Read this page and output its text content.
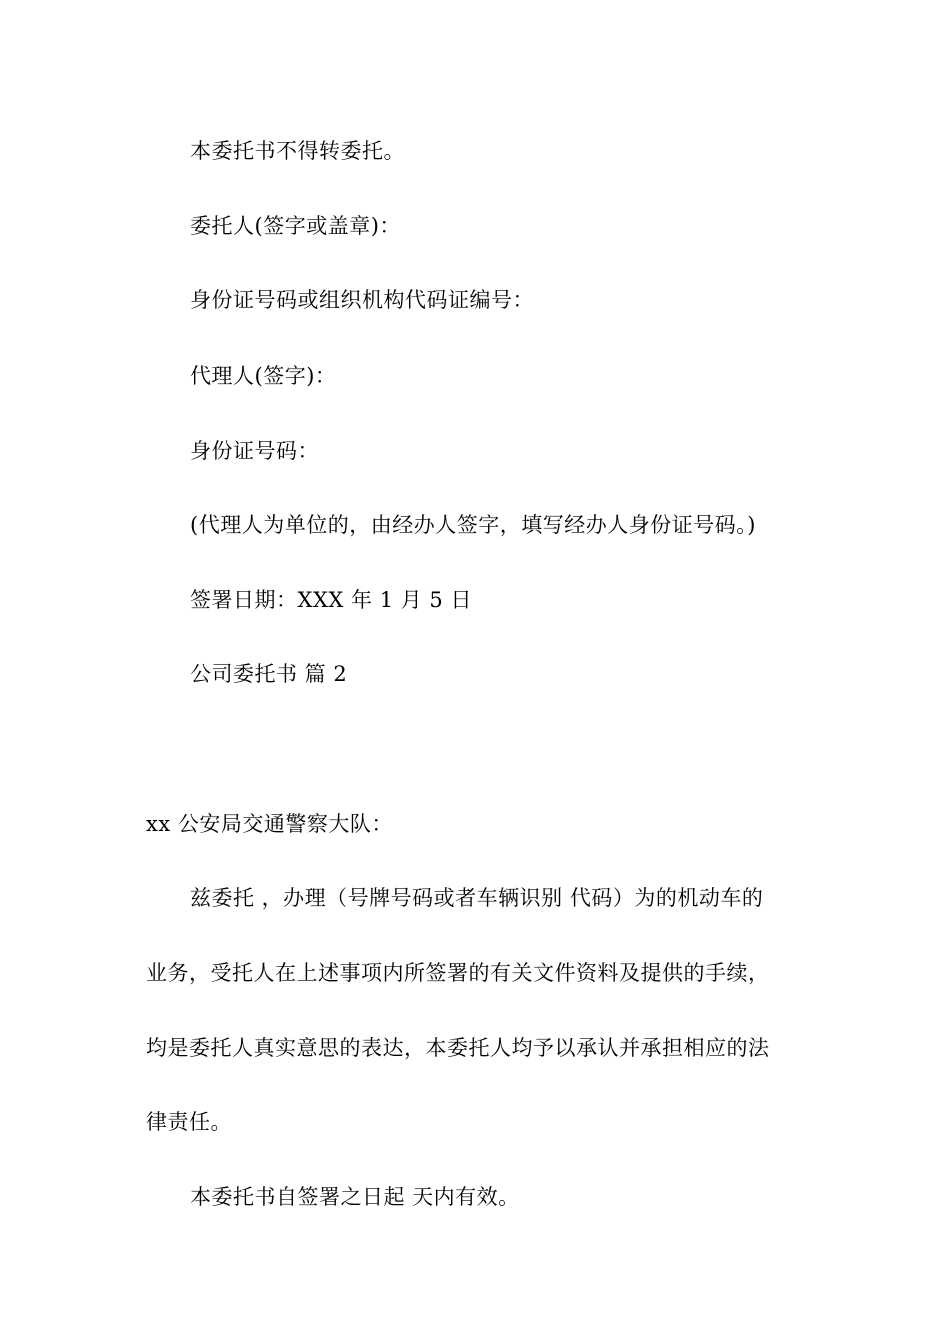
本委托书不得转委托。
委托人(签字或盖章)：
身份证号码或组织机构代码证编号：
代理人(签字)：
身份证号码：
(代理人为单位的，由经办人签字，填写经办人身份证号码。)
签署日期：XXX 年 1 月 5 日
公司委托书 篇 2
xx 公安局交通警察大队：
兹委托 ，办理（号牌号码或者车辆识别 代码）为的机动车的
业务，受托人在上述事项内所签署的有关文件资料及提供的手续，
均是委托人真实意思的表达，本委托人均予以承认并承担相应的法
律责任。
本委托书自签署之日起 天内有效。
